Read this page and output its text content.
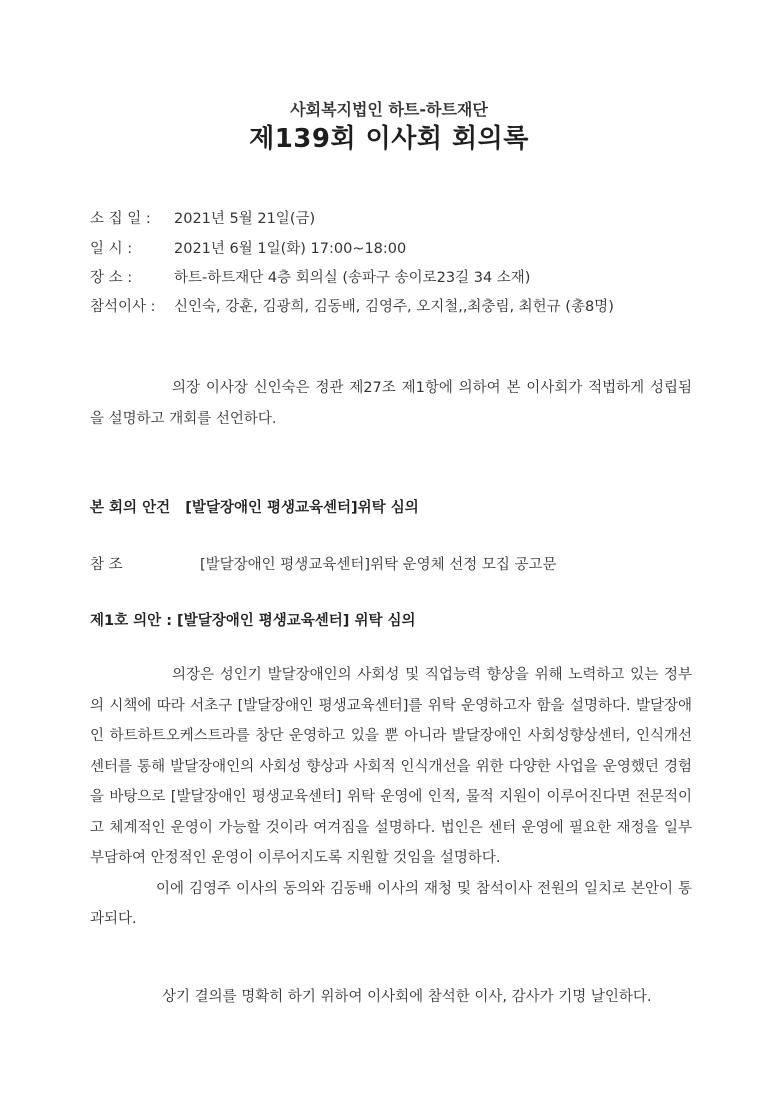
사회복지법인 하트-하트재단
제139회 이사회 회의록
소 집 일 : 2021년 5월 21일(금)
일 시 :	2021년 6월 1일(화) 17:00~18:00
장 소 :	하트-하트재단 4층 회의실 (송파구 송이로23길 34 소재)
참석이사 : 신인숙, 강훈, 김광희, 김동배, 김영주, 오지철,,최충림, 최헌규 (총8명)

의장 이사장 신인숙은 정관 제27조 제1항에 의하여 본 이사회가 적법하게 성립됨을 설명하고 개회를 선언하다.

본 회의 안건 [발달장애인 평생교육센터]위탁 심의
참 조	[발달장애인 평생교육센터]위탁 운영체 선정 모집 공고문
제1호 의안 : [발달장애인 평생교육센터] 위탁 심의

의장은 성인기 발달장애인의 사회성 및 직업능력 향상을 위해 노력하고 있는 정부의 시책에 따라 서초구 [발달장애인 평생교육센터]를 위탁 운영하고자 함을 설명하다. 발달장애인 하트하트오케스트라를 창단 운영하고 있을 뿐 아니라 발달장애인 사회성향상센터, 인식개선센터를 통해 발달장애인의 사회성 향상과 사회적 인식개선을 위한 다양한 사업을 운영했던 경험을 바탕으로 [발달장애인 평생교육센터] 위탁 운영에 인적, 물적 지원이 이루어진다면 전문적이고 체계적인 운영이 가능할 것이라 여겨짐을 설명하다. 법인은 센터 운영에 필요한 재정을 일부 부담하여 안정적인 운영이 이루어지도록 지원할 것임을 설명하다.

이에 김영주 이사의 동의와 김동배 이사의 재청 및 참석이사 전원의 일치로 본안이 통과되다.

상기 결의를 명확히 하기 위하여 이사회에 참석한 이사, 감사가 기명 날인하다.
